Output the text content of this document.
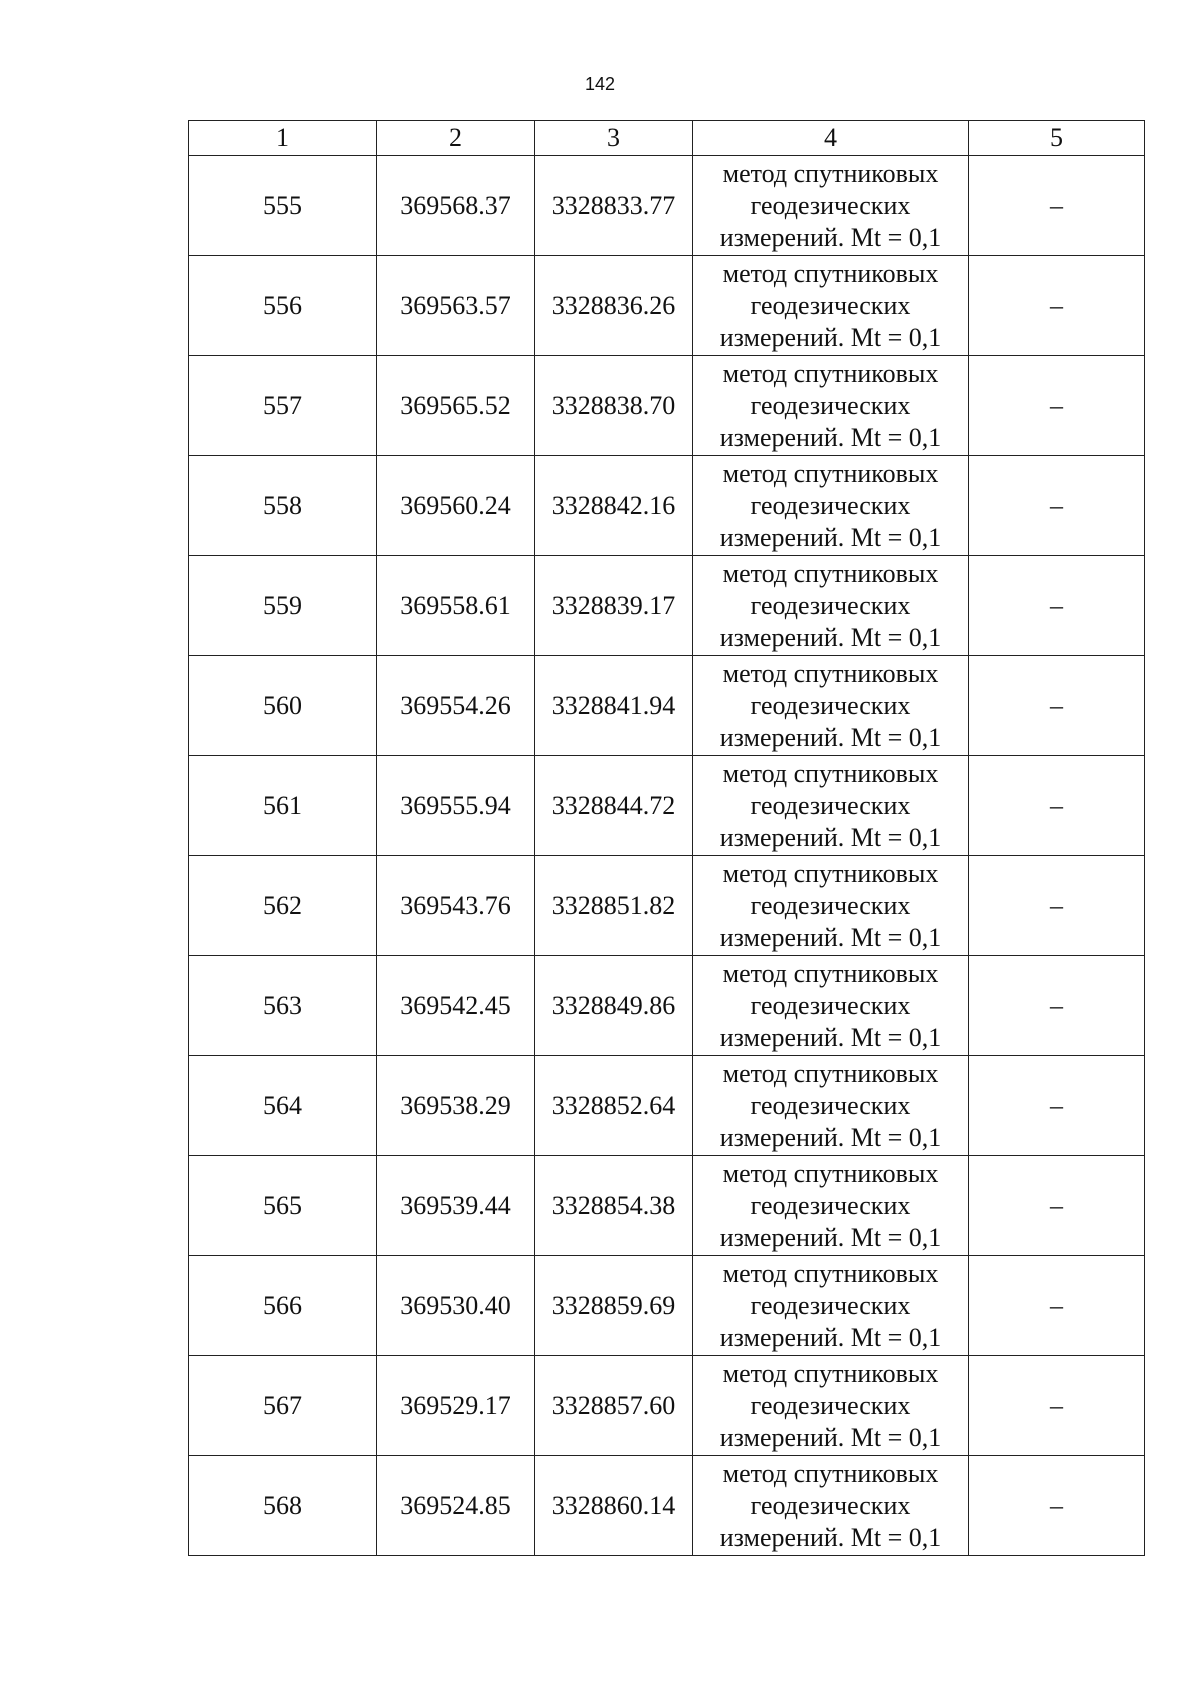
142
1	2	3	4	5
555	369568.37	3328833.77	метод спутниковых
геодезических
измерений. Mt = 0,1	–
556	369563.57	3328836.26	метод спутниковых
геодезических
измерений. Mt = 0,1	–
557	369565.52	3328838.70	метод спутниковых
геодезических
измерений. Mt = 0,1	–
558	369560.24	3328842.16	метод спутниковых
геодезических
измерений. Mt = 0,1	–
559	369558.61	3328839.17	метод спутниковых
геодезических
измерений. Mt = 0,1	–
560	369554.26	3328841.94	метод спутниковых
геодезических
измерений. Mt = 0,1	–
561	369555.94	3328844.72	метод спутниковых
геодезических
измерений. Mt = 0,1	–
562	369543.76	3328851.82	метод спутниковых
геодезических
измерений. Mt = 0,1	–
563	369542.45	3328849.86	метод спутниковых
геодезических
измерений. Mt = 0,1	–
564	369538.29	3328852.64	метод спутниковых
геодезических
измерений. Mt = 0,1	–
565	369539.44	3328854.38	метод спутниковых
геодезических
измерений. Mt = 0,1	–
566	369530.40	3328859.69	метод спутниковых
геодезических
измерений. Mt = 0,1	–
567	369529.17	3328857.60	метод спутниковых
геодезических
измерений. Mt = 0,1	–
568	369524.85	3328860.14	метод спутниковых
геодезических
измерений. Mt = 0,1	–
